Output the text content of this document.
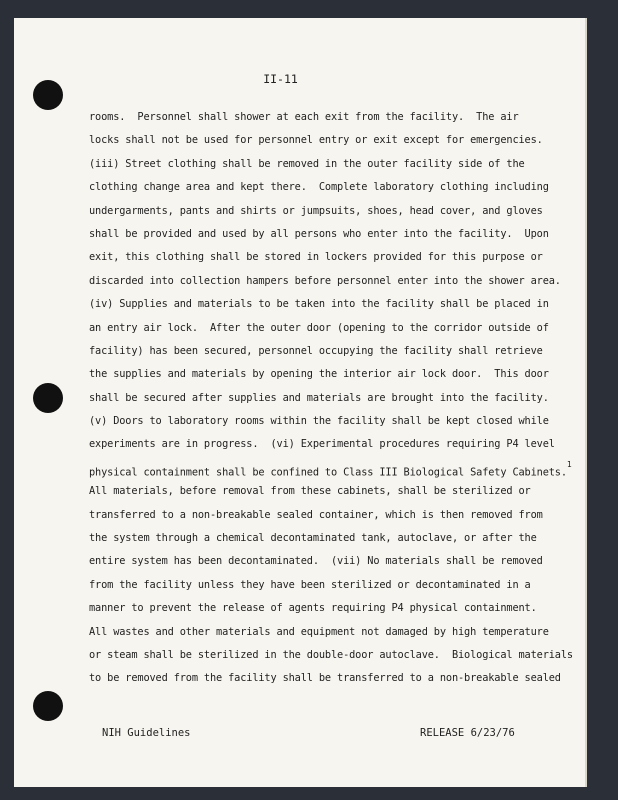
II-11
rooms.  Personnel shall shower at each exit from the facility.  The air
locks shall not be used for personnel entry or exit except for emergencies.
(iii) Street clothing shall be removed in the outer facility side of the
clothing change area and kept there.  Complete laboratory clothing including
undergarments, pants and shirts or jumpsuits, shoes, head cover, and gloves
shall be provided and used by all persons who enter into the facility.  Upon
exit, this clothing shall be stored in lockers provided for this purpose or
discarded into collection hampers before personnel enter into the shower area.
(iv) Supplies and materials to be taken into the facility shall be placed in
an entry air lock.  After the outer door (opening to the corridor outside of
facility) has been secured, personnel occupying the facility shall retrieve
the supplies and materials by opening the interior air lock door.  This door
shall be secured after supplies and materials are brought into the facility.
(v) Doors to laboratory rooms within the facility shall be kept closed while
experiments are in progress.  (vi) Experimental procedures requiring P4 level
physical containment shall be confined to Class III Biological Safety Cabinets.$^1$
All materials, before removal from these cabinets, shall be sterilized or
transferred to a non-breakable sealed container, which is then removed from
the system through a chemical decontaminated tank, autoclave, or after the
entire system has been decontaminated.  (vii) No materials shall be removed
from the facility unless they have been sterilized or decontaminated in a
manner to prevent the release of agents requiring P4 physical containment.
All wastes and other materials and equipment not damaged by high temperature
or steam shall be sterilized in the double-door autoclave.  Biological materials
to be removed from the facility shall be transferred to a non-breakable sealed
NIH Guidelines	RELEASE 6/23/76
